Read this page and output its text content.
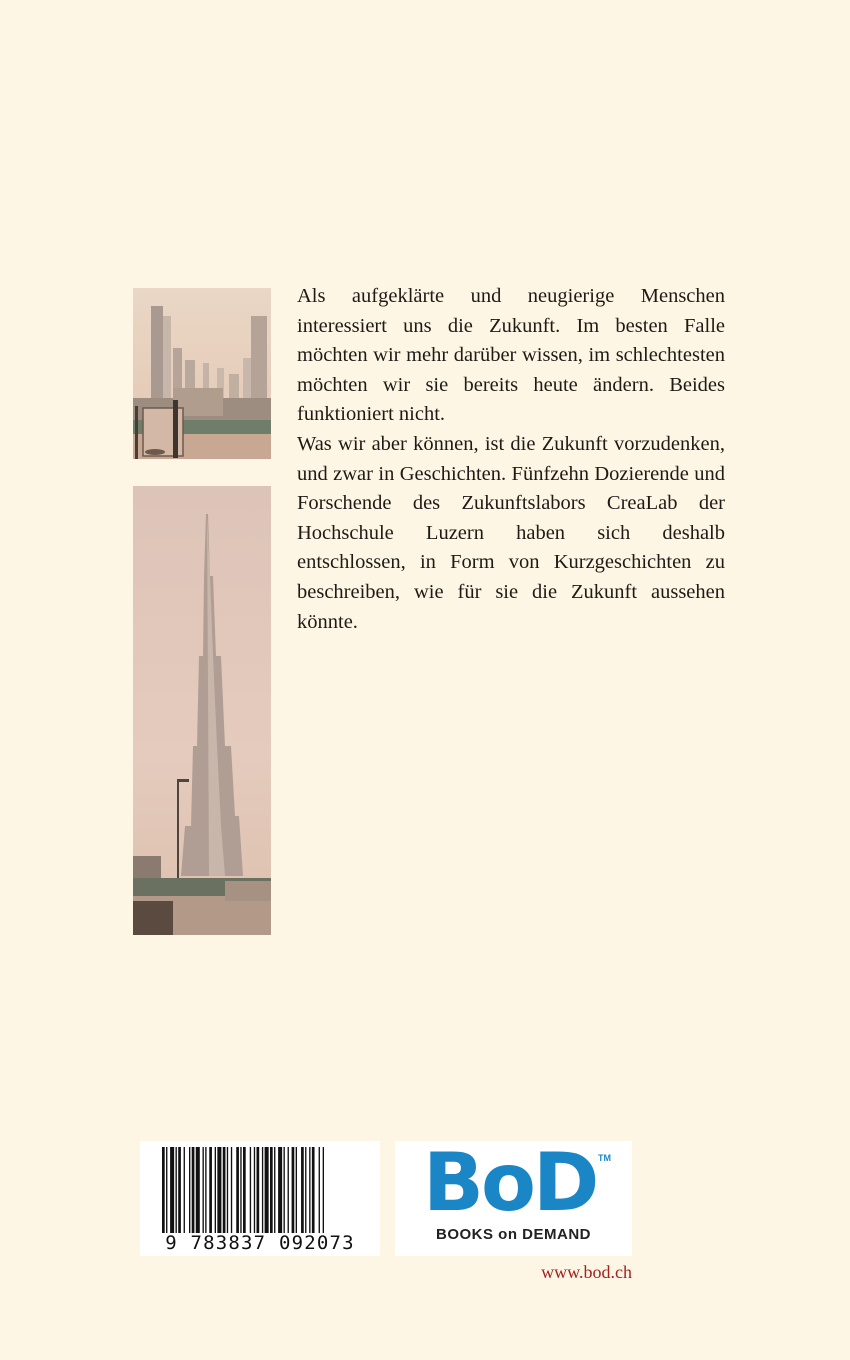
Als aufgeklärte und neugierige Menschen interessiert uns die Zukunft. Im besten Falle möchten wir mehr darüber wissen, im schlechtesten möchten wir sie bereits heute ändern. Beides funktioniert nicht.

Was wir aber können, ist die Zukunft vorzudenken, und zwar in Geschichten. Fünfzehn Dozierende und Forschende des Zukunftslabors CreaLab der Hochschule Luzern haben sich deshalb entschlossen, in Form von Kurzgeschichten zu beschreiben, wie für sie die Zukunft aussehen könnte.

9 783837 092073
BoD TM
BOOKS on DEMAND
www.bod.ch
